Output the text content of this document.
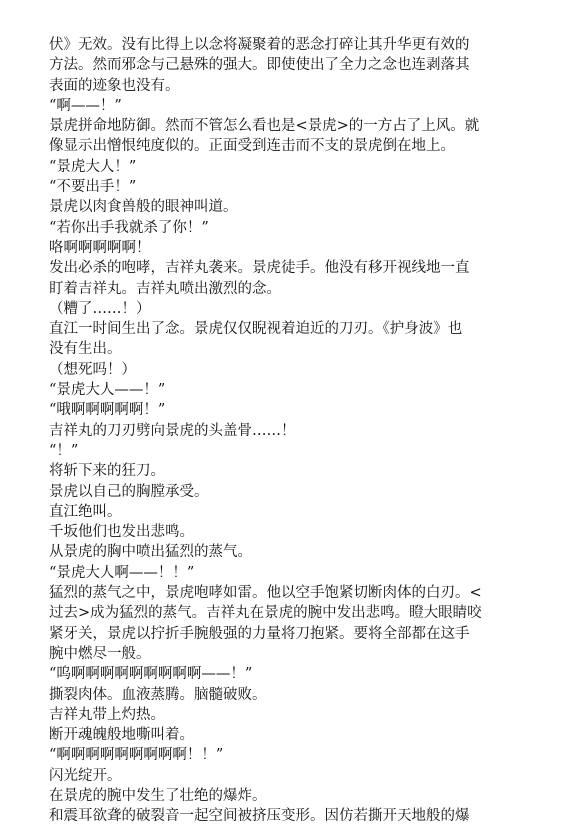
伏》无效。没有比得上以念将凝聚着的恶念打碎让其升华更有效的
方法。然而邪念与己悬殊的强大。即使使出了全力之念也连剥落其
表面的迹象也没有。
“啊——！”
景虎拼命地防御。然而不管怎么看也是<景虎>的一方占了上风。就
像显示出憎恨纯度似的。正面受到连击而不支的景虎倒在地上。
“景虎大人！”
“不要出手！”
景虎以肉食兽般的眼神叫道。
“若你出手我就杀了你！”
咯啊啊啊啊啊！
发出必杀的咆哮，吉祥丸袭来。景虎徒手。他没有移开视线地一直
盯着吉祥丸。吉祥丸喷出激烈的念。
（糟了……！）
直江一时间生出了念。景虎仅仅睨视着迫近的刀刃。《护身波》也
没有生出。
（想死吗！）
“景虎大人——！”
“哦啊啊啊啊啊！”
吉祥丸的刀刃劈向景虎的头盖骨……！
“！”
将斩下来的狂刀。
景虎以自己的胸膛承受。
直江绝叫。
千坂他们也发出悲鸣。
从景虎的胸中喷出猛烈的蒸气。
“景虎大人啊——！！”
猛烈的蒸气之中，景虎咆哮如雷。他以空手饱紧切断肉体的白刃。<
过去>成为猛烈的蒸气。吉祥丸在景虎的腕中发出悲鸣。瞪大眼睛咬
紧牙关，景虎以拧折手腕般强的力量将刀抱紧。要将全部都在这手
腕中燃尽一般。
“呜啊啊啊啊啊啊啊啊啊——！”
撕裂肉体。血液蒸腾。脑髓破败。
吉祥丸带上灼热。
断开魂魄般地嘶叫着。
“啊啊啊啊啊啊啊啊啊！！”
闪光绽开。
在景虎的腕中发生了壮绝的爆炸。
和震耳欲聋的破裂音一起空间被挤压变形。因仿若撕开天地般的爆
